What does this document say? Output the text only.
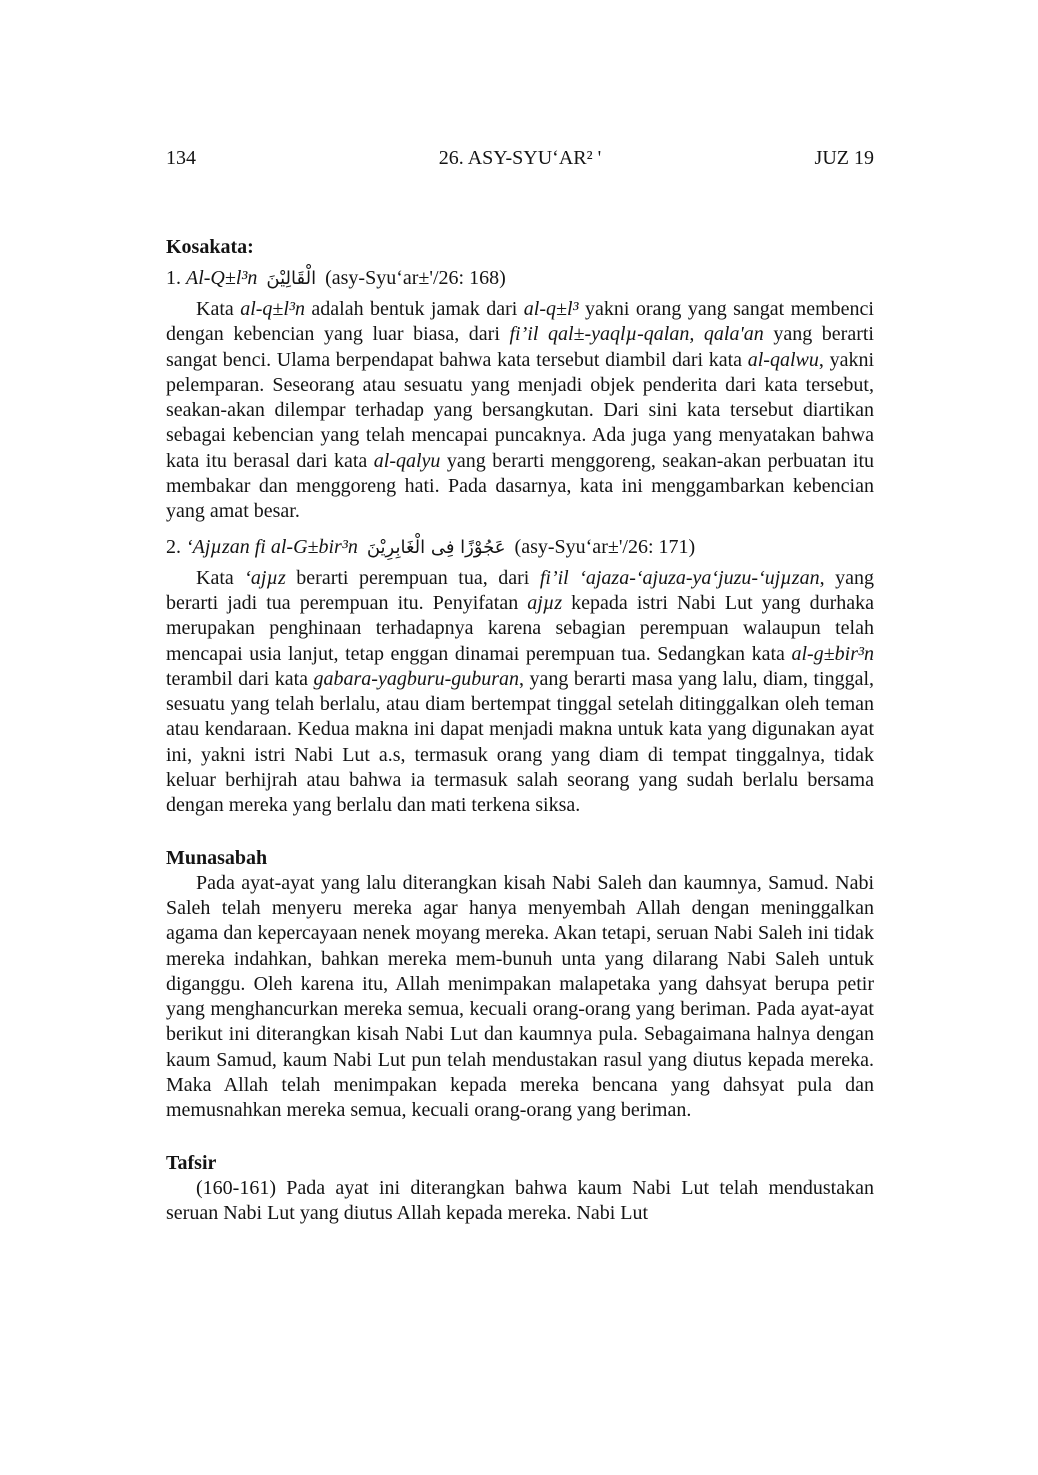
134	26. ASY-SYU‘AR² '	JUZ 19
Kosakata:
1. Al-Q±l³n الْقَالِيْنَ (asy-Syu‘ar±'/26: 168)

Kata al-q±l³n adalah bentuk jamak dari al-q±l³ yakni orang yang sangat membenci dengan kebencian yang luar biasa, dari fi’il qal±-yaqlµ-qalan, qala'an yang berarti sangat benci. Ulama berpendapat bahwa kata tersebut diambil dari kata al-qalwu, yakni pelemparan. Seseorang atau sesuatu yang menjadi objek penderita dari kata tersebut, seakan-akan dilempar terhadap yang bersangkutan. Dari sini kata tersebut diartikan sebagai kebencian yang telah mencapai puncaknya. Ada juga yang menyatakan bahwa kata itu berasal dari kata al-qalyu yang berarti menggoreng, seakan-akan perbuatan itu membakar dan menggoreng hati. Pada dasarnya, kata ini menggambarkan kebencian yang amat besar.

2. ‘Ajµzan fi al-G±bir³n عَجُوْزًا فِى الْغَابِرِيْنَ (asy-Syu‘ar±'/26: 171)

Kata ‘ajµz berarti perempuan tua, dari fi’il ‘ajaza-‘ajuza-ya‘juzu-‘ujµzan, yang berarti jadi tua perempuan itu. Penyifatan ajµz kepada istri Nabi Lut yang durhaka merupakan penghinaan terhadapnya karena sebagian perempuan walaupun telah mencapai usia lanjut, tetap enggan dinamai perempuan tua. Sedangkan kata al-g±bir³n terambil dari kata gabara-yagburu-guburan, yang berarti masa yang lalu, diam, tinggal, sesuatu yang telah berlalu, atau diam bertempat tinggal setelah ditinggalkan oleh teman atau kendaraan. Kedua makna ini dapat menjadi makna untuk kata yang digunakan ayat ini, yakni istri Nabi Lut a.s, termasuk orang yang diam di tempat tinggalnya, tidak keluar berhijrah atau bahwa ia termasuk salah seorang yang sudah berlalu bersama dengan mereka yang berlalu dan mati terkena siksa.

Munasabah

Pada ayat-ayat yang lalu diterangkan kisah Nabi Saleh dan kaumnya, Samud. Nabi Saleh telah menyeru mereka agar hanya menyembah Allah dengan meninggalkan agama dan kepercayaan nenek moyang mereka. Akan tetapi, seruan Nabi Saleh ini tidak mereka indahkan, bahkan mereka mem-bunuh unta yang dilarang Nabi Saleh untuk diganggu. Oleh karena itu, Allah menimpakan malapetaka yang dahsyat berupa petir yang menghancurkan mereka semua, kecuali orang-orang yang beriman. Pada ayat-ayat berikut ini diterangkan kisah Nabi Lut dan kaumnya pula. Sebagaimana halnya dengan kaum Samud, kaum Nabi Lut pun telah mendustakan rasul yang diutus kepada mereka. Maka Allah telah menimpakan kepada mereka bencana yang dahsyat pula dan memusnahkan mereka semua, kecuali orang-orang yang beriman.

Tafsir

(160-161) Pada ayat ini diterangkan bahwa kaum Nabi Lut telah mendustakan seruan Nabi Lut yang diutus Allah kepada mereka. Nabi Lut
